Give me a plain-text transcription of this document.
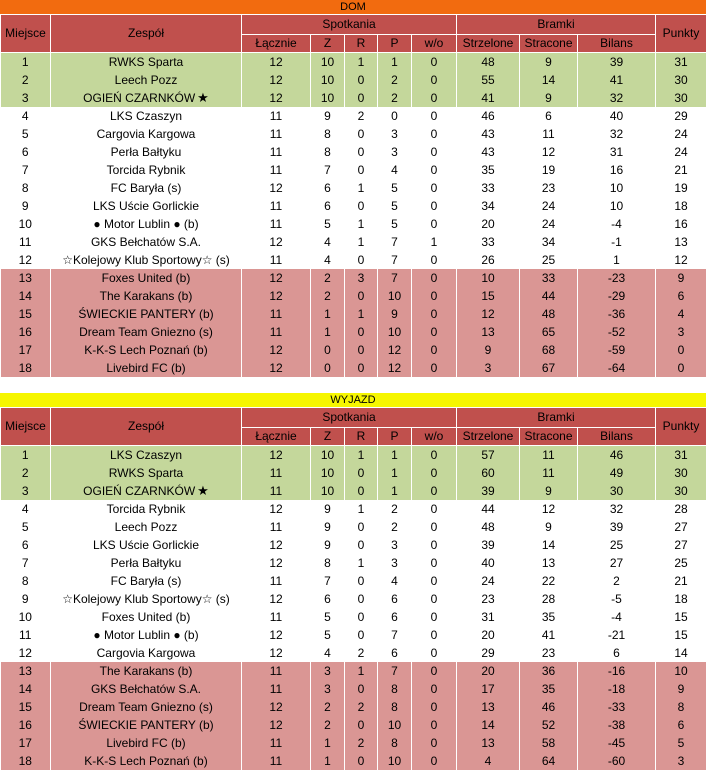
DOM
Miejsce	Zespół	Spotkania					Bramki			Punkty
		Łącznie	Z	R	P	w/o	Strzelone	Stracone	Bilans	
1	RWKS Sparta	12	10	1	1	0	48	9	39	31
2	Leech Pozz	12	10	0	2	0	55	14	41	30
3	OGIEŃ CZARNKÓW ★	12	10	0	2	0	41	9	32	30
4	LKS Czaszyn	11	9	2	0	0	46	6	40	29
5	Cargovia Kargowa	11	8	0	3	0	43	11	32	24
6	Perła Bałtyku	11	8	0	3	0	43	12	31	24
7	Torcida Rybnik	11	7	0	4	0	35	19	16	21
8	FC Baryła (s)	12	6	1	5	0	33	23	10	19
9	LKS Uście Gorlickie	11	6	0	5	0	34	24	10	18
10	● Motor Lublin ● (b)	11	5	1	5	0	20	24	-4	16
11	GKS Bełchatów S.A.	12	4	1	7	1	33	34	-1	13
12	☆Kolejowy Klub Sportowy☆ (s)	11	4	0	7	0	26	25	1	12
13	Foxes United (b)	12	2	3	7	0	10	33	-23	9
14	The Karakans (b)	12	2	0	10	0	15	44	-29	6
15	ŚWIECKIE PANTERY (b)	11	1	1	9	0	12	48	-36	4
16	Dream Team Gniezno (s)	11	1	0	10	0	13	65	-52	3
17	K-K-S Lech Poznań (b)	12	0	0	12	0	9	68	-59	0
18	Livebird FC (b)	12	0	0	12	0	3	67	-64	0
WYJAZD
Miejsce	Zespół	Spotkania					Bramki			Punkty
		Łącznie	Z	R	P	w/o	Strzelone	Stracone	Bilans	
1	LKS Czaszyn	12	10	1	1	0	57	11	46	31
2	RWKS Sparta	11	10	0	1	0	60	11	49	30
3	OGIEŃ CZARNKÓW ★	11	10	0	1	0	39	9	30	30
4	Torcida Rybnik	12	9	1	2	0	44	12	32	28
5	Leech Pozz	11	9	0	2	0	48	9	39	27
6	LKS Uście Gorlickie	12	9	0	3	0	39	14	25	27
7	Perła Bałtyku	12	8	1	3	0	40	13	27	25
8	FC Baryła (s)	11	7	0	4	0	24	22	2	21
9	☆Kolejowy Klub Sportowy☆ (s)	12	6	0	6	0	23	28	-5	18
10	Foxes United (b)	11	5	0	6	0	31	35	-4	15
11	● Motor Lublin ● (b)	12	5	0	7	0	20	41	-21	15
12	Cargovia Kargowa	12	4	2	6	0	29	23	6	14
13	The Karakans (b)	11	3	1	7	0	20	36	-16	10
14	GKS Bełchatów S.A.	11	3	0	8	0	17	35	-18	9
15	Dream Team Gniezno (s)	12	2	2	8	0	13	46	-33	8
16	ŚWIECKIE PANTERY (b)	12	2	0	10	0	14	52	-38	6
17	Livebird FC (b)	11	1	2	8	0	13	58	-45	5
18	K-K-S Lech Poznań (b)	11	1	0	10	0	4	64	-60	3
